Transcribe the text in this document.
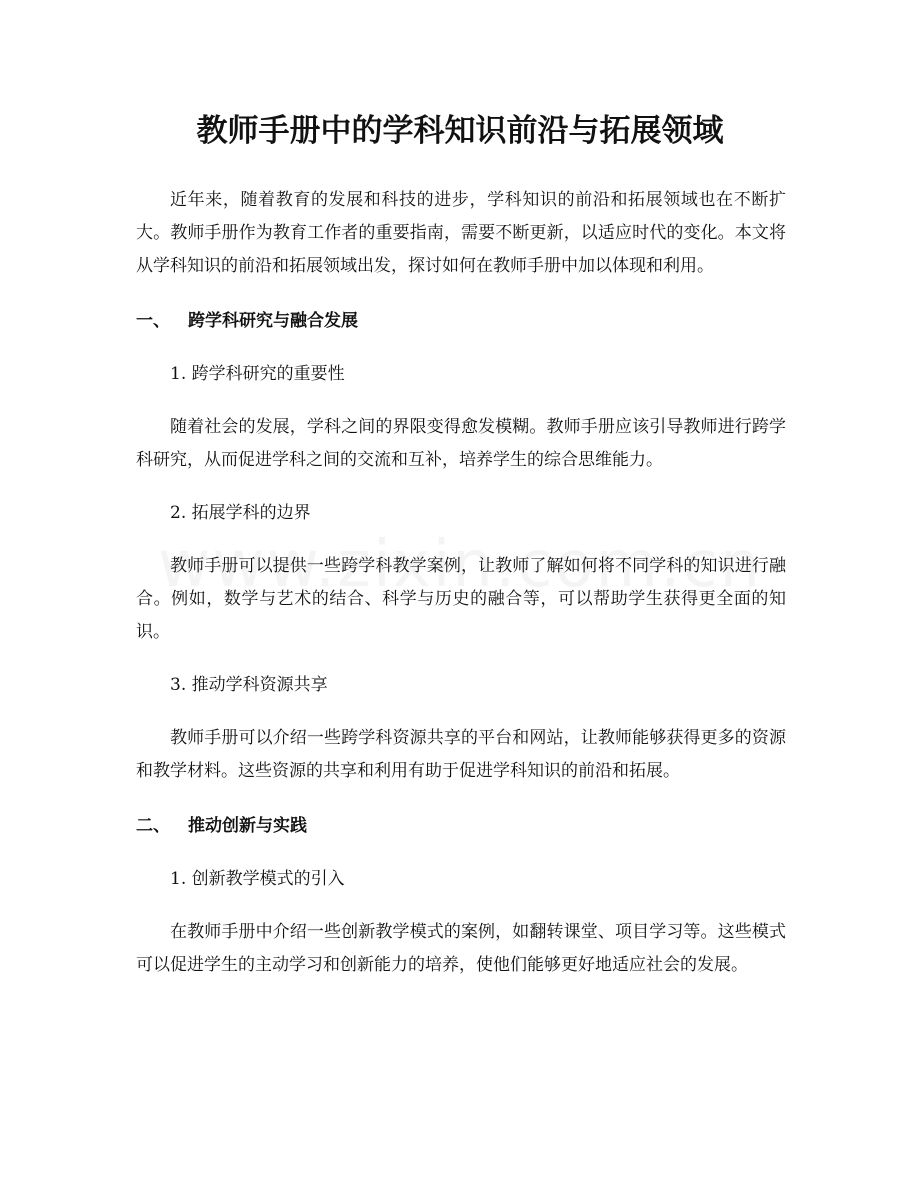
教师手册中的学科知识前沿与拓展领域

近年来，随着教育的发展和科技的进步，学科知识的前沿和拓展领域也在不断扩大。教师手册作为教育工作者的重要指南，需要不断更新，以适应时代的变化。本文将从学科知识的前沿和拓展领域出发，探讨如何在教师手册中加以体现和利用。

一、 跨学科研究与融合发展
1. 跨学科研究的重要性

随着社会的发展，学科之间的界限变得愈发模糊。教师手册应该引导教师进行跨学科研究，从而促进学科之间的交流和互补，培养学生的综合思维能力。

2. 拓展学科的边界

教师手册可以提供一些跨学科教学案例，让教师了解如何将不同学科的知识进行融合。例如，数学与艺术的结合、科学与历史的融合等，可以帮助学生获得更全面的知识。

3. 推动学科资源共享

教师手册可以介绍一些跨学科资源共享的平台和网站，让教师能够获得更多的资源和教学材料。这些资源的共享和利用有助于促进学科知识的前沿和拓展。

二、 推动创新与实践
1. 创新教学模式的引入

在教师手册中介绍一些创新教学模式的案例，如翻转课堂、项目学习等。这些模式可以促进学生的主动学习和创新能力的培养，使他们能够更好地适应社会的发展。
